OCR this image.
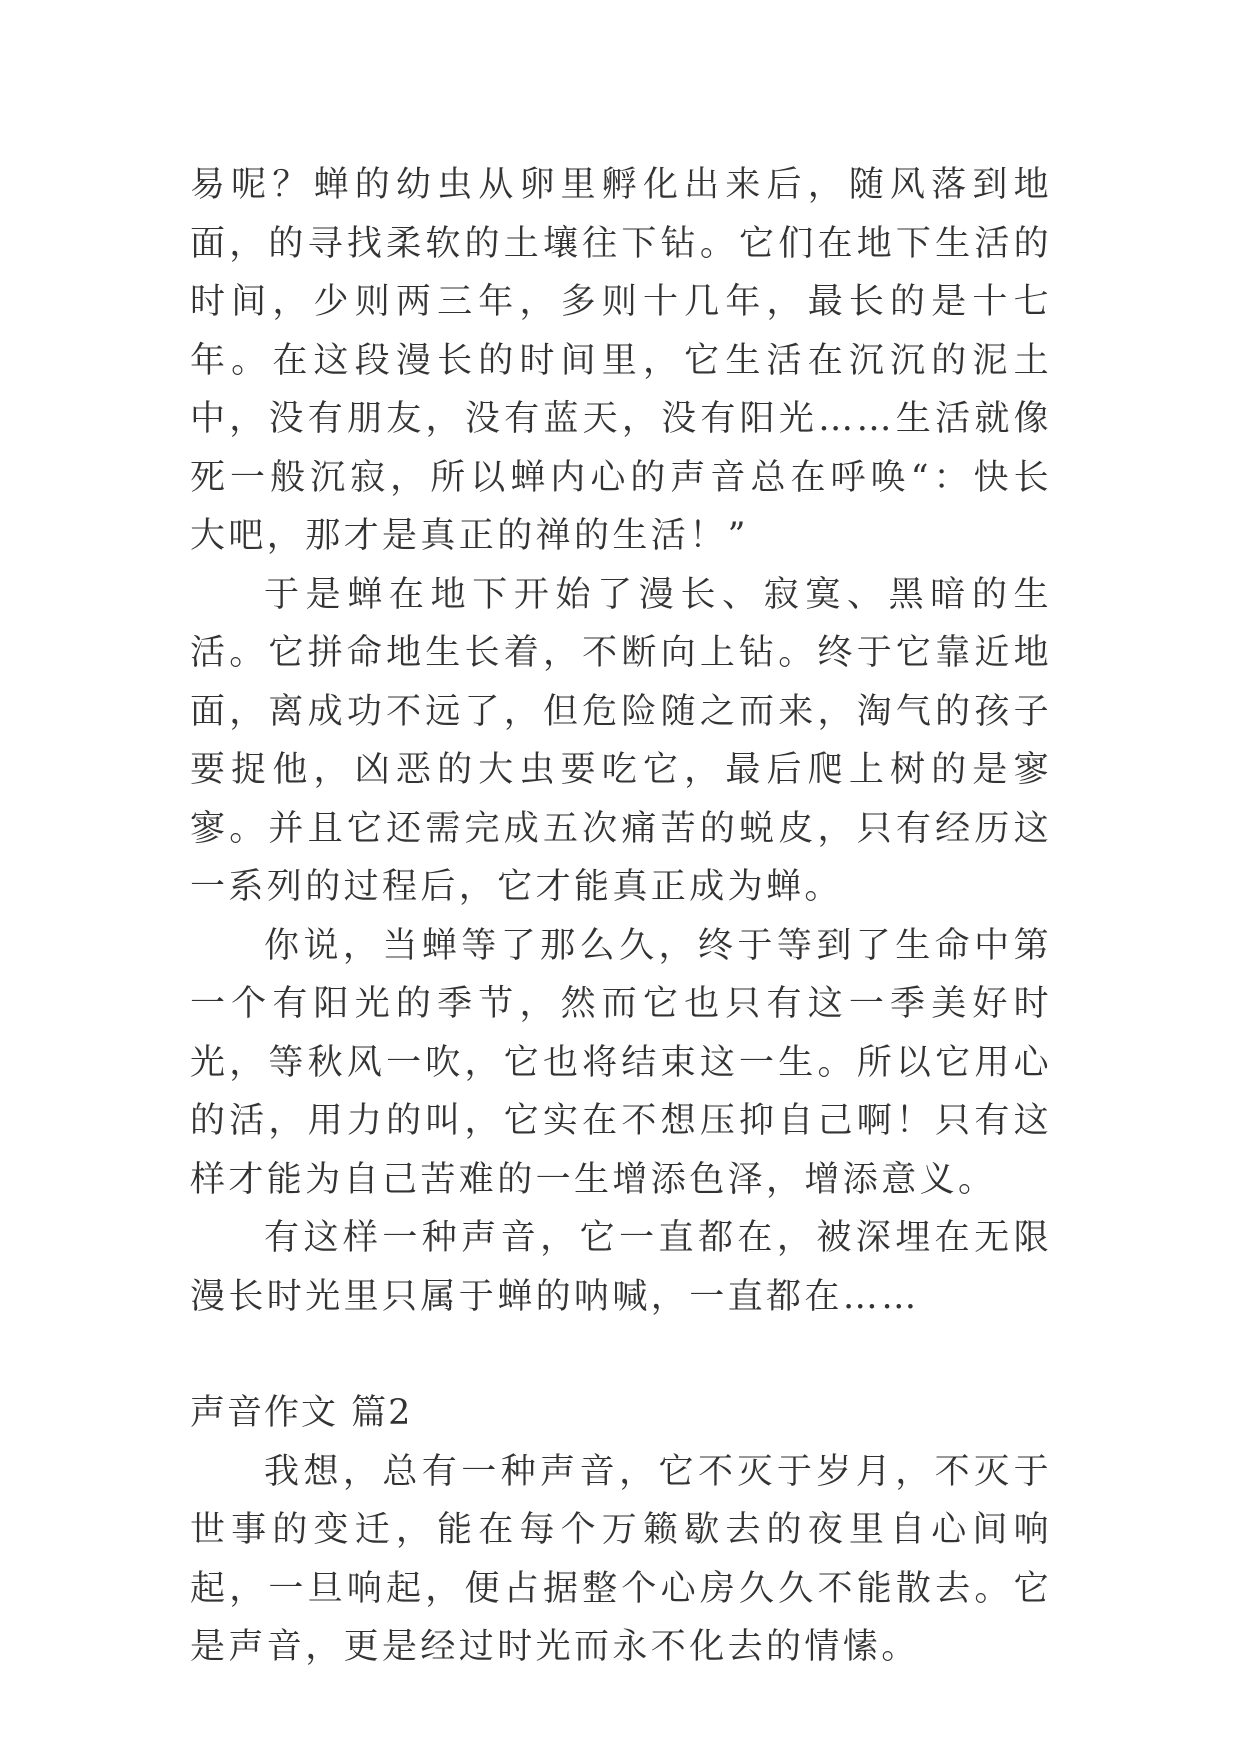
易呢？蝉的幼虫从卵里孵化出来后，随风落到地面，的寻找柔软的土壤往下钻。它们在地下生活的时间，少则两三年，多则十几年，最长的是十七年。在这段漫长的时间里，它生活在沉沉的泥土中，没有朋友，没有蓝天，没有阳光……生活就像死一般沉寂，所以蝉内心的声音总在呼唤“：快长大吧，那才是真正的禅的生活！”

于是蝉在地下开始了漫长、寂寞、黑暗的生活。它拼命地生长着，不断向上钻。终于它靠近地面，离成功不远了，但危险随之而来，淘气的孩子要捉他，凶恶的大虫要吃它，最后爬上树的是寥寥。并且它还需完成五次痛苦的蜕皮，只有经历这一系列的过程后，它才能真正成为蝉。

你说，当蝉等了那么久，终于等到了生命中第一个有阳光的季节，然而它也只有这一季美好时光，等秋风一吹，它也将结束这一生。所以它用心的活，用力的叫，它实在不想压抑自己啊！只有这样才能为自己苦难的一生增添色泽，增添意义。

有这样一种声音，它一直都在，被深埋在无限漫长时光里只属于蝉的呐喊，一直都在……

声音作文 篇2

我想，总有一种声音，它不灭于岁月，不灭于世事的变迁，能在每个万籁歇去的夜里自心间响起，一旦响起，便占据整个心房久久不能散去。它是声音，更是经过时光而永不化去的情愫。
